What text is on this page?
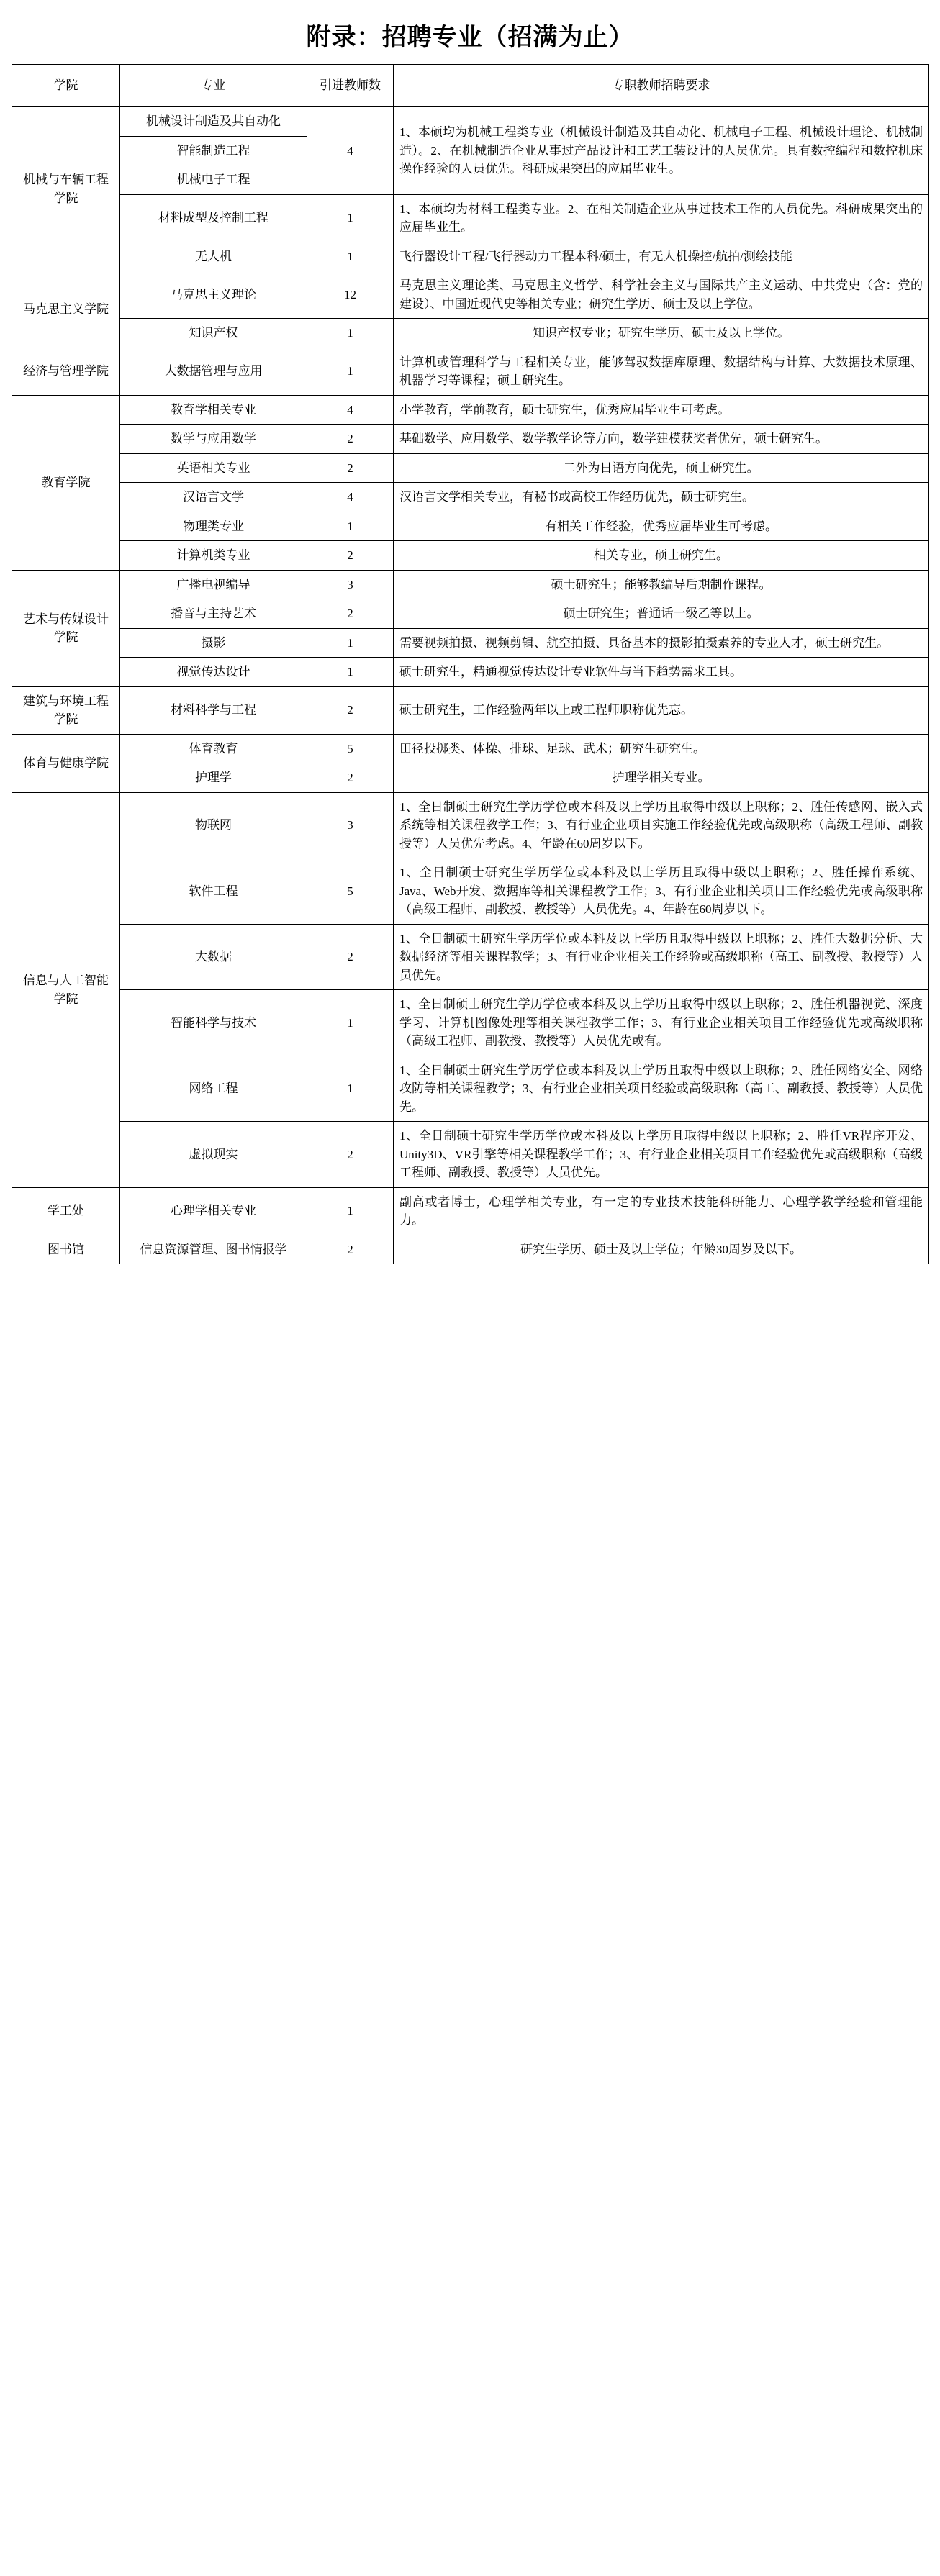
附录：招聘专业（招满为止）
学院	专业	引进教师数	专职教师招聘要求
机械与车辆工程学院	机械设计制造及其自动化	4	1、本硕均为机械工程类专业（机械设计制造及其自动化、机械电子工程、机械设计理论、机械制造）。2、在机械制造企业从事过产品设计和工艺工装设计的人员优先。具有数控编程和数控机床操作经验的人员优先。科研成果突出的应届毕业生。
	智能制造工程		
	机械电子工程		
	材料成型及控制工程	1	1、本硕均为材料工程类专业。2、在相关制造企业从事过技术工作的人员优先。科研成果突出的应届毕业生。
	无人机	1	飞行器设计工程/飞行器动力工程本科/硕士，有无人机操控/航拍/测绘技能
马克思主义学院	马克思主义理论	12	马克思主义理论类、马克思主义哲学、科学社会主义与国际共产主义运动、中共党史（含：党的建设）、中国近现代史等相关专业；研究生学历、硕士及以上学位。
	知识产权	1	知识产权专业；研究生学历、硕士及以上学位。
经济与管理学院	大数据管理与应用	1	计算机或管理科学与工程相关专业，能够驾驭数据库原理、数据结构与计算、大数据技术原理、机器学习等课程；硕士研究生。
教育学院	教育学相关专业	4	小学教育，学前教育，硕士研究生，优秀应届毕业生可考虑。
	数学与应用数学	2	基础数学、应用数学、数学教学论等方向，数学建模获奖者优先，硕士研究生。
	英语相关专业	2	二外为日语方向优先，硕士研究生。
	汉语言文学	4	汉语言文学相关专业，有秘书或高校工作经历优先，硕士研究生。
	物理类专业	1	有相关工作经验，优秀应届毕业生可考虑。
	计算机类专业	2	相关专业，硕士研究生。
艺术与传媒设计学院	广播电视编导	3	硕士研究生；能够教编导后期制作课程。
	播音与主持艺术	2	硕士研究生；普通话一级乙等以上。
	摄影	1	需要视频拍摄、视频剪辑、航空拍摄、具备基本的摄影拍摄素养的专业人才，硕士研究生。
	视觉传达设计	1	硕士研究生，精通视觉传达设计专业软件与当下趋势需求工具。
建筑与环境工程学院	材料科学与工程	2	硕士研究生，工作经验两年以上或工程师职称优先忘。
体育与健康学院	体育教育	5	田径投掷类、体操、排球、足球、武术；研究生研究生。
	护理学	2	护理学相关专业。
信息与人工智能学院	物联网	3	1、全日制硕士研究生学历学位或本科及以上学历且取得中级以上职称；2、胜任传感网、嵌入式系统等相关课程教学工作；3、有行业企业项目实施工作经验优先或高级职称（高级工程师、副教授等）人员优先考虑。4、年龄在60周岁以下。
	软件工程	5	1、全日制硕士研究生学历学位或本科及以上学历且取得中级以上职称；2、胜任操作系统、Java、Web开发、数据库等相关课程教学工作；3、有行业企业相关项目工作经验优先或高级职称（高级工程师、副教授、教授等）人员优先。4、年龄在60周岁以下。
	大数据	2	1、全日制硕士研究生学历学位或本科及以上学历且取得中级以上职称；2、胜任大数据分析、大数据经济等相关课程教学；3、有行业企业相关工作经验或高级职称（高工、副教授、教授等）人员优先。
	智能科学与技术	1	1、全日制硕士研究生学历学位或本科及以上学历且取得中级以上职称；2、胜任机器视觉、深度学习、计算机图像处理等相关课程教学工作；3、有行业企业相关项目工作经验优先或高级职称（高级工程师、副教授、教授等）人员优先或有。
	网络工程	1	1、全日制硕士研究生学历学位或本科及以上学历且取得中级以上职称；2、胜任网络安全、网络攻防等相关课程教学；3、有行业企业相关项目经验或高级职称（高工、副教授、教授等）人员优先。
	虚拟现实	2	1、全日制硕士研究生学历学位或本科及以上学历且取得中级以上职称；2、胜任VR程序开发、Unity3D、VR引擎等相关课程教学工作；3、有行业企业相关项目工作经验优先或高级职称（高级工程师、副教授、教授等）人员优先。
学工处	心理学相关专业	1	副高或者博士，心理学相关专业，有一定的专业技术技能科研能力、心理学教学经验和管理能力。
图书馆	信息资源管理、图书情报学	2	研究生学历、硕士及以上学位；年龄30周岁及以下。
